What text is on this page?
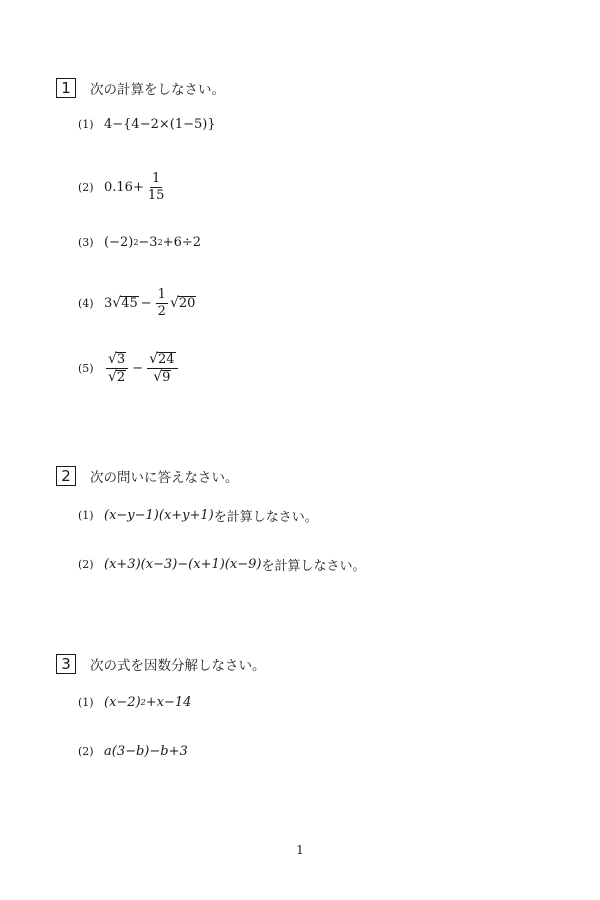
1	次の計算をしなさい。
(1) 4−{4−2×(1−5)}
(2) $0.16+ \frac{1}{15}$
(3) (−2) 2 −3 2 +6÷2
(4) 3 √ $45 - \frac{1}{2}$ √ 20
$(5) \frac{√ 3}{√ 2} - \frac{√ 24}{√ 9}$
2	次の問いに答えなさい。
(1) (x−y−1)(x+y+1) を計算しなさい。
(2) (x+3)(x−3)−(x+1)(x−9) を計算しなさい。
3	次の式を因数分解しなさい。
(1) (x−2) 2 +x−14
(2) a(3−b)−b+3
1
